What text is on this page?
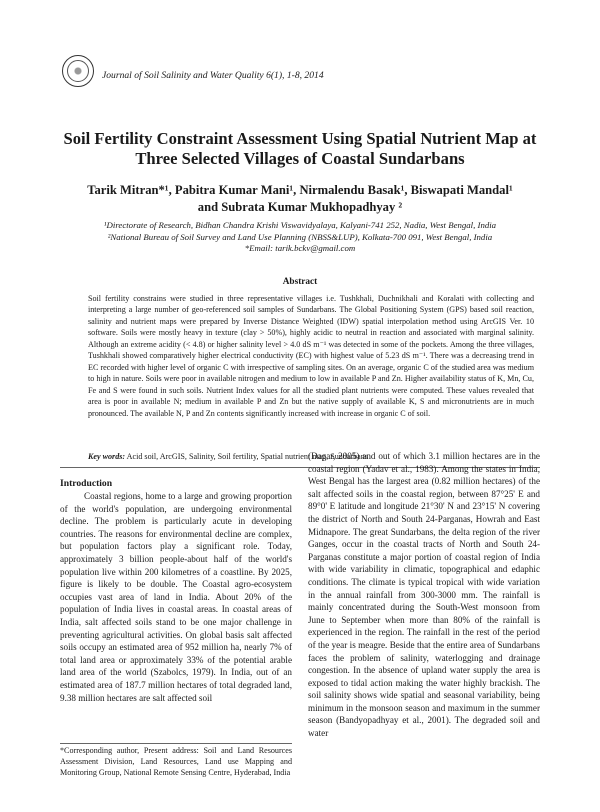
Journal of Soil Salinity and Water Quality 6(1), 1-8, 2014
Soil Fertility Constraint Assessment Using Spatial Nutrient Map at Three Selected Villages of Coastal Sundarbans
Tarik Mitran*¹, Pabitra Kumar Mani¹, Nirmalendu Basak¹, Biswapati Mandal¹
and Subrata Kumar Mukhopadhyay ²
¹Directorate of Research, Bidhan Chandra Krishi Viswavidyalaya, Kalyani-741 252, Nadia, West Bengal, India
²National Bureau of Soil Survey and Land Use Planning (NBSS&LUP), Kolkata-700 091, West Bengal, India
*Email: tarik.bckv@gmail.com
Abstract
Soil fertility constrains were studied in three representative villages i.e. Tushkhali, Duchnikhali and Koralati with collecting and interpreting a large number of geo-referenced soil samples of Sundarbans. The Global Positioning System (GPS) based soil reaction, salinity and nutrient maps were prepared by Inverse Distance Weighted (IDW) spatial interpolation method using ArcGIS Ver. 10 software. Soils were mostly heavy in texture (clay > 50%), highly acidic to neutral in reaction and associated with marginal salinity. Although an extreme acidity (< 4.8) or higher salinity level > 4.0 dS m⁻¹ was detected in some of the pockets. Among the three villages, Tushkhali showed comparatively higher electrical conductivity (EC) with highest value of 5.23 dS m⁻¹. There was a decreasing trend in EC recorded with higher level of organic C with irrespective of sampling sites. On an average, organic C of the studied area was medium to high in nature. Soils were poor in available nitrogen and medium to low in available P and Zn. Higher availability status of K, Mn, Cu, Fe and S were found in such soils. Nutrient Index values for all the studied plant nutrients were computed. These values revealed that area is poor in available N; medium in available P and Zn but the native supply of available K, S and micronutrients are in much pronounced. The available N, P and Zn contents significantly increased with increase in organic C of soil.
Key words: Acid soil, ArcGIS, Salinity, Soil fertility, Spatial nutrient map, Sundarbans
Introduction

Coastal regions, home to a large and growing proportion of the world's population, are undergoing environmental decline. The problem is particularly acute in developing countries. The reasons for environmental decline are complex, but population factors play a significant role. Today, approximately 3 billion people-about half of the world's population live within 200 kilometres of a coastline. By 2025, figure is likely to be double. The Coastal agro-ecosystem occupies vast area of land in India. About 20% of the population of India lives in coastal areas. In coastal areas of India, salt affected soils stand to be one major challenge in preventing agricultural activities. On global basis salt affected soils occupy an estimated area of 952 million ha, nearly 7% of total land area or approximately 33% of the potential arable land area of the world (Szabolcs, 1979). In India, out of an estimated area of 187.7 million hectares of total degraded land, 9.38 million hectares are salt affected soil

(Dagar, 2005) and out of which 3.1 million hectares are in the coastal region (Yadav et al., 1983). Among the states in India, West Bengal has the largest area (0.82 million hectares) of the salt affected soils in the coastal region, between 87°25' E and 89°0' E latitude and longitude 21°30' N and 23°15' N covering the district of North and South 24-Parganas, Howrah and East Midnapore. The great Sundarbans, the delta region of the river Ganges, occur in the coastal tracts of North and South 24-Parganas constitute a major portion of coastal region of India with wide variability in climatic, topographical and edaphic conditions. The climate is typical tropical with wide variation in the annual rainfall from 300-3000 mm. The rainfall is mainly concentrated during the South-West monsoon from June to September when more than 80% of the rainfall is experienced in the region. The rainfall in the rest of the period of the year is meagre. Beside that the entire area of Sundarbans faces the problem of salinity, waterlogging and drainage congestion. In the absence of upland water supply the area is exposed to tidal action making the water highly brackish. The soil salinity shows wide spatial and seasonal variability, being minimum in the monsoon season and maximum in the summer season (Bandyopadhyay et al., 2001). The degraded soil and water

*Corresponding author, Present address: Soil and Land Resources Assessment Division, Land Resources, Land use Mapping and Monitoring Group, National Remote Sensing Centre, Hyderabad, India
